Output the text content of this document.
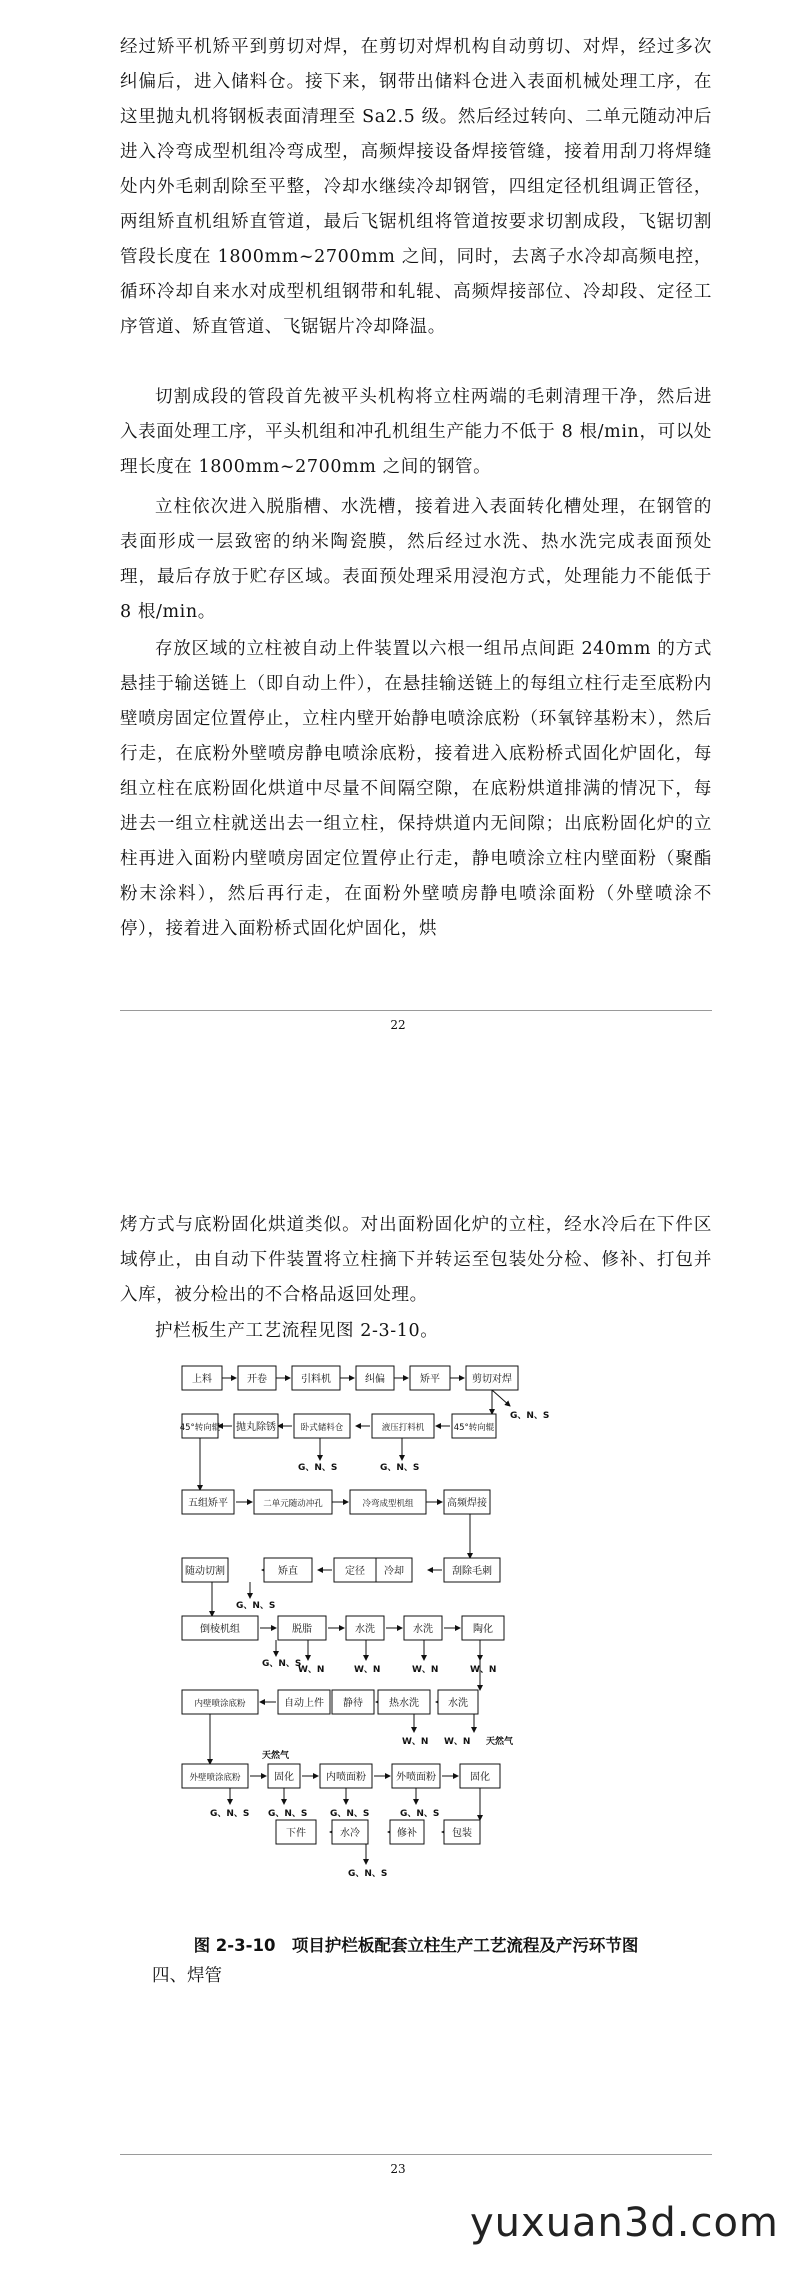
经过矫平机矫平到剪切对焊，在剪切对焊机构自动剪切、对焊，经过多次纠偏后，进入储料仓。接下来，钢带出储料仓进入表面机械处理工序，在这里抛丸机将钢板表面清理至 Sa2.5 级。然后经过转向、二单元随动冲后进入冷弯成型机组冷弯成型，高频焊接设备焊接管缝，接着用刮刀将焊缝处内外毛刺刮除至平整，冷却水继续冷却钢管，四组定径机组调正管径，两组矫直机组矫直管道，最后飞锯机组将管道按要求切割成段，飞锯切割管段长度在 1800mm~2700mm 之间，同时，去离子水冷却高频电控，循环冷却自来水对成型机组钢带和轧辊、高频焊接部位、冷却段、定径工序管道、矫直管道、飞锯锯片冷却降温。

切割成段的管段首先被平头机构将立柱两端的毛刺清理干净，然后进入表面处理工序，平头机组和冲孔机组生产能力不低于 8 根/min，可以处理长度在 1800mm~2700mm 之间的钢管。

立柱依次进入脱脂槽、水洗槽，接着进入表面转化槽处理，在钢管的表面形成一层致密的纳米陶瓷膜，然后经过水洗、热水洗完成表面预处理，最后存放于贮存区域。表面预处理采用浸泡方式，处理能力不能低于 8 根/min。

存放区域的立柱被自动上件装置以六根一组吊点间距 240mm 的方式悬挂于输送链上（即自动上件），在悬挂输送链上的每组立柱行走至底粉内壁喷房固定位置停止，立柱内壁开始静电喷涂底粉（环氧锌基粉末），然后行走，在底粉外壁喷房静电喷涂底粉，接着进入底粉桥式固化炉固化，每组立柱在底粉固化烘道中尽量不间隔空隙，在底粉烘道排满的情况下，每进去一组立柱就送出去一组立柱，保持烘道内无间隙；出底粉固化炉的立柱再进入面粉内壁喷房固定位置停止行走，静电喷涂立柱内壁面粉（聚酯粉末涂料），然后再行走，在面粉外壁喷房静电喷涂面粉（外壁喷涂不停），接着进入面粉桥式固化炉固化，烘

22

烤方式与底粉固化烘道类似。对出面粉固化炉的立柱，经水冷后在下件区域停止，由自动下件装置将立柱摘下并转运至包装处分检、修补、打包并入库，被分检出的不合格品返回处理。

护栏板生产工艺流程见图 2-3-10。

上料	开卷	引料机	纠偏	矫平	剪切对焊
45°转向辊 抛丸除锈	卧式储料仓	液压打料机	45°转向辊
五组矫平	二单元随动冲孔	冷弯成型机组	高频焊接
随动切割	矫直	定径 冷却	刮除毛刺
倒棱机组	脱脂	水洗	水洗	陶化
内壁喷涂底粉	自动上件 静待	热水洗	水洗
外壁喷涂底粉	固化	内喷面粉	外喷面粉	固化
包装
修补
水冷
下件
G、N、S
G、N、S	G、N、S
G、N、S
G、N、S
W、N	W、N	W、N	W、N
天然气
W、N W、N 天然气
G、N、S G、N、S	G、N、S	G、N、S
G、N、S
图 2-3-10　项目护栏板配套立柱生产工艺流程及产污环节图
四、焊管
23
yuxuan3d.com
